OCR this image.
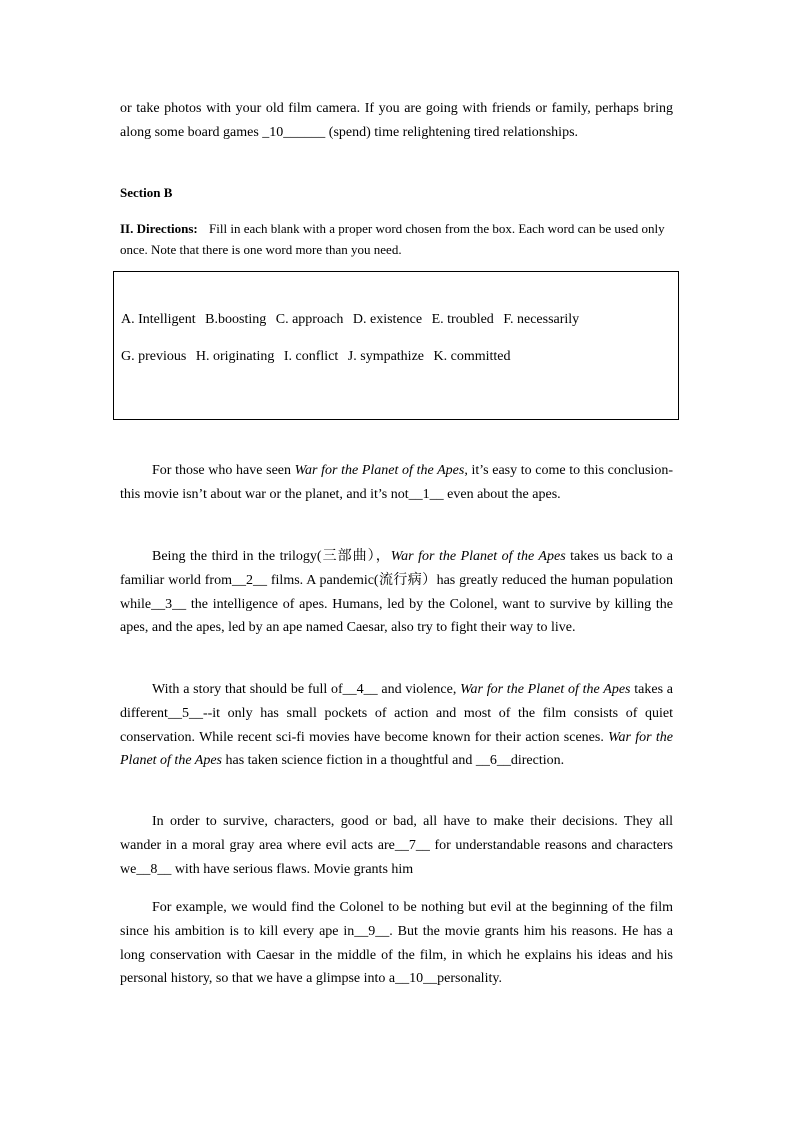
or take photos with your old film camera. If you are going with friends or family, perhaps bring along some board games _10______ (spend) time relightening tired relationships.
Section B
II. Directions: Fill in each blank with a proper word chosen from the box. Each word can be used only once. Note that there is one word more than you need.
A. Intelligent B.boosting C. approach D. existence E. troubled F. necessarily
G. previous H. originating I. conflict J. sympathize K. committed
For those who have seen War for the Planet of the Apes, it’s easy to come to this conclusion- this movie isn’t about war or the planet, and it’s not__1__ even about the apes.
Being the third in the trilogy(三部曲），War for the Planet of the Apes takes us back to a familiar world from__2__ films. A pandemic(流行病）has greatly reduced the human population while__3__ the intelligence of apes. Humans, led by the Colonel, want to survive by killing the apes, and the apes, led by an ape named Caesar, also try to fight their way to live.
With a story that should be full of__4__ and violence, War for the Planet of the Apes takes a different__5__--it only has small pockets of action and most of the film consists of quiet conservation. While recent sci-fi movies have become known for their action scenes. War for the Planet of the Apes has taken science fiction in a thoughtful and __6__direction.
In order to survive, characters, good or bad, all have to make their decisions. They all wander in a moral gray area where evil acts are__7__ for understandable reasons and characters we__8__ with have serious flaws. Movie grants him
For example, we would find the Colonel to be nothing but evil at the beginning of the film since his ambition is to kill every ape in__9__. But the movie grants him his reasons. He has a long conservation with Caesar in the middle of the film, in which he explains his ideas and his personal history, so that we have a glimpse into a__10__personality.
